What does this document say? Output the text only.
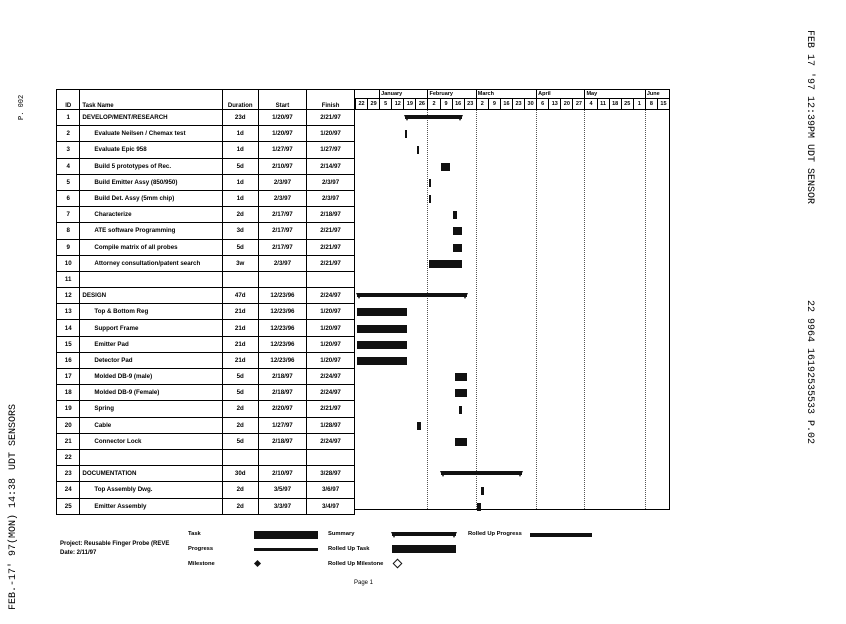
FEB.-17' 97(MON) 14:38
UDT SENSORS
P. 002	FEB 17 '97 12:39PM UDT SENSOR
22 9964 16192535533 P.02
ID	Task Name	Duration	Start	Finish
1	DEVELOP/MENT/RESEARCH	23d	1/20/97	2/21/97
2	Evaluate Neilsen / Chemax test	1d	1/20/97	1/20/97
3	Evaluate Epic 958	1d	1/27/97	1/27/97
4	Build 5 prototypes of Rec.	5d	2/10/97	2/14/97
5	Build Emitter Assy (850/950)	1d	2/3/97	2/3/97
6	Build Det. Assy (5mm chip)	1d	2/3/97	2/3/97
7	Characterize	2d	2/17/97	2/18/97
8	ATE software Programming	3d	2/17/97	2/21/97
9	Compile matrix of all probes	5d	2/17/97	2/21/97
10	Attorney consultation/patent search	3w	2/3/97	2/21/97
11				
12	DESIGN	47d	12/23/96	2/24/97
13	Top & Bottom Reg	21d	12/23/96	1/20/97
14	Support Frame	21d	12/23/96	1/20/97
15	Emitter Pad	21d	12/23/96	1/20/97
16	Detector Pad	21d	12/23/96	1/20/97
17	Molded DB-9 (male)	5d	2/18/97	2/24/97
18	Molded DB-9 (Female)	5d	2/18/97	2/24/97
19	Spring	2d	2/20/97	2/21/97
20	Cable	2d	1/27/97	1/28/97
21	Connector Lock	5d	2/18/97	2/24/97
22				
23	DOCUMENTATION	30d	2/10/97	3/28/97
24	Top Assembly Dwg.	2d	3/5/97	3/6/97
25	Emitter Assembly	2d	3/3/97	3/4/97
January	February	March	April	May	June
22	29	5	12	19	26	2	9	16	23	2	9	16	23	30	6	13	20	27	4	11	18	25	1	8	15
Task
Progress
Milestone
Summary
Rolled Up Task
Rolled Up Milestone
Rolled Up Progress
Project: Reusable Finger Probe (REVE
Date: 2/11/97
Page 1
